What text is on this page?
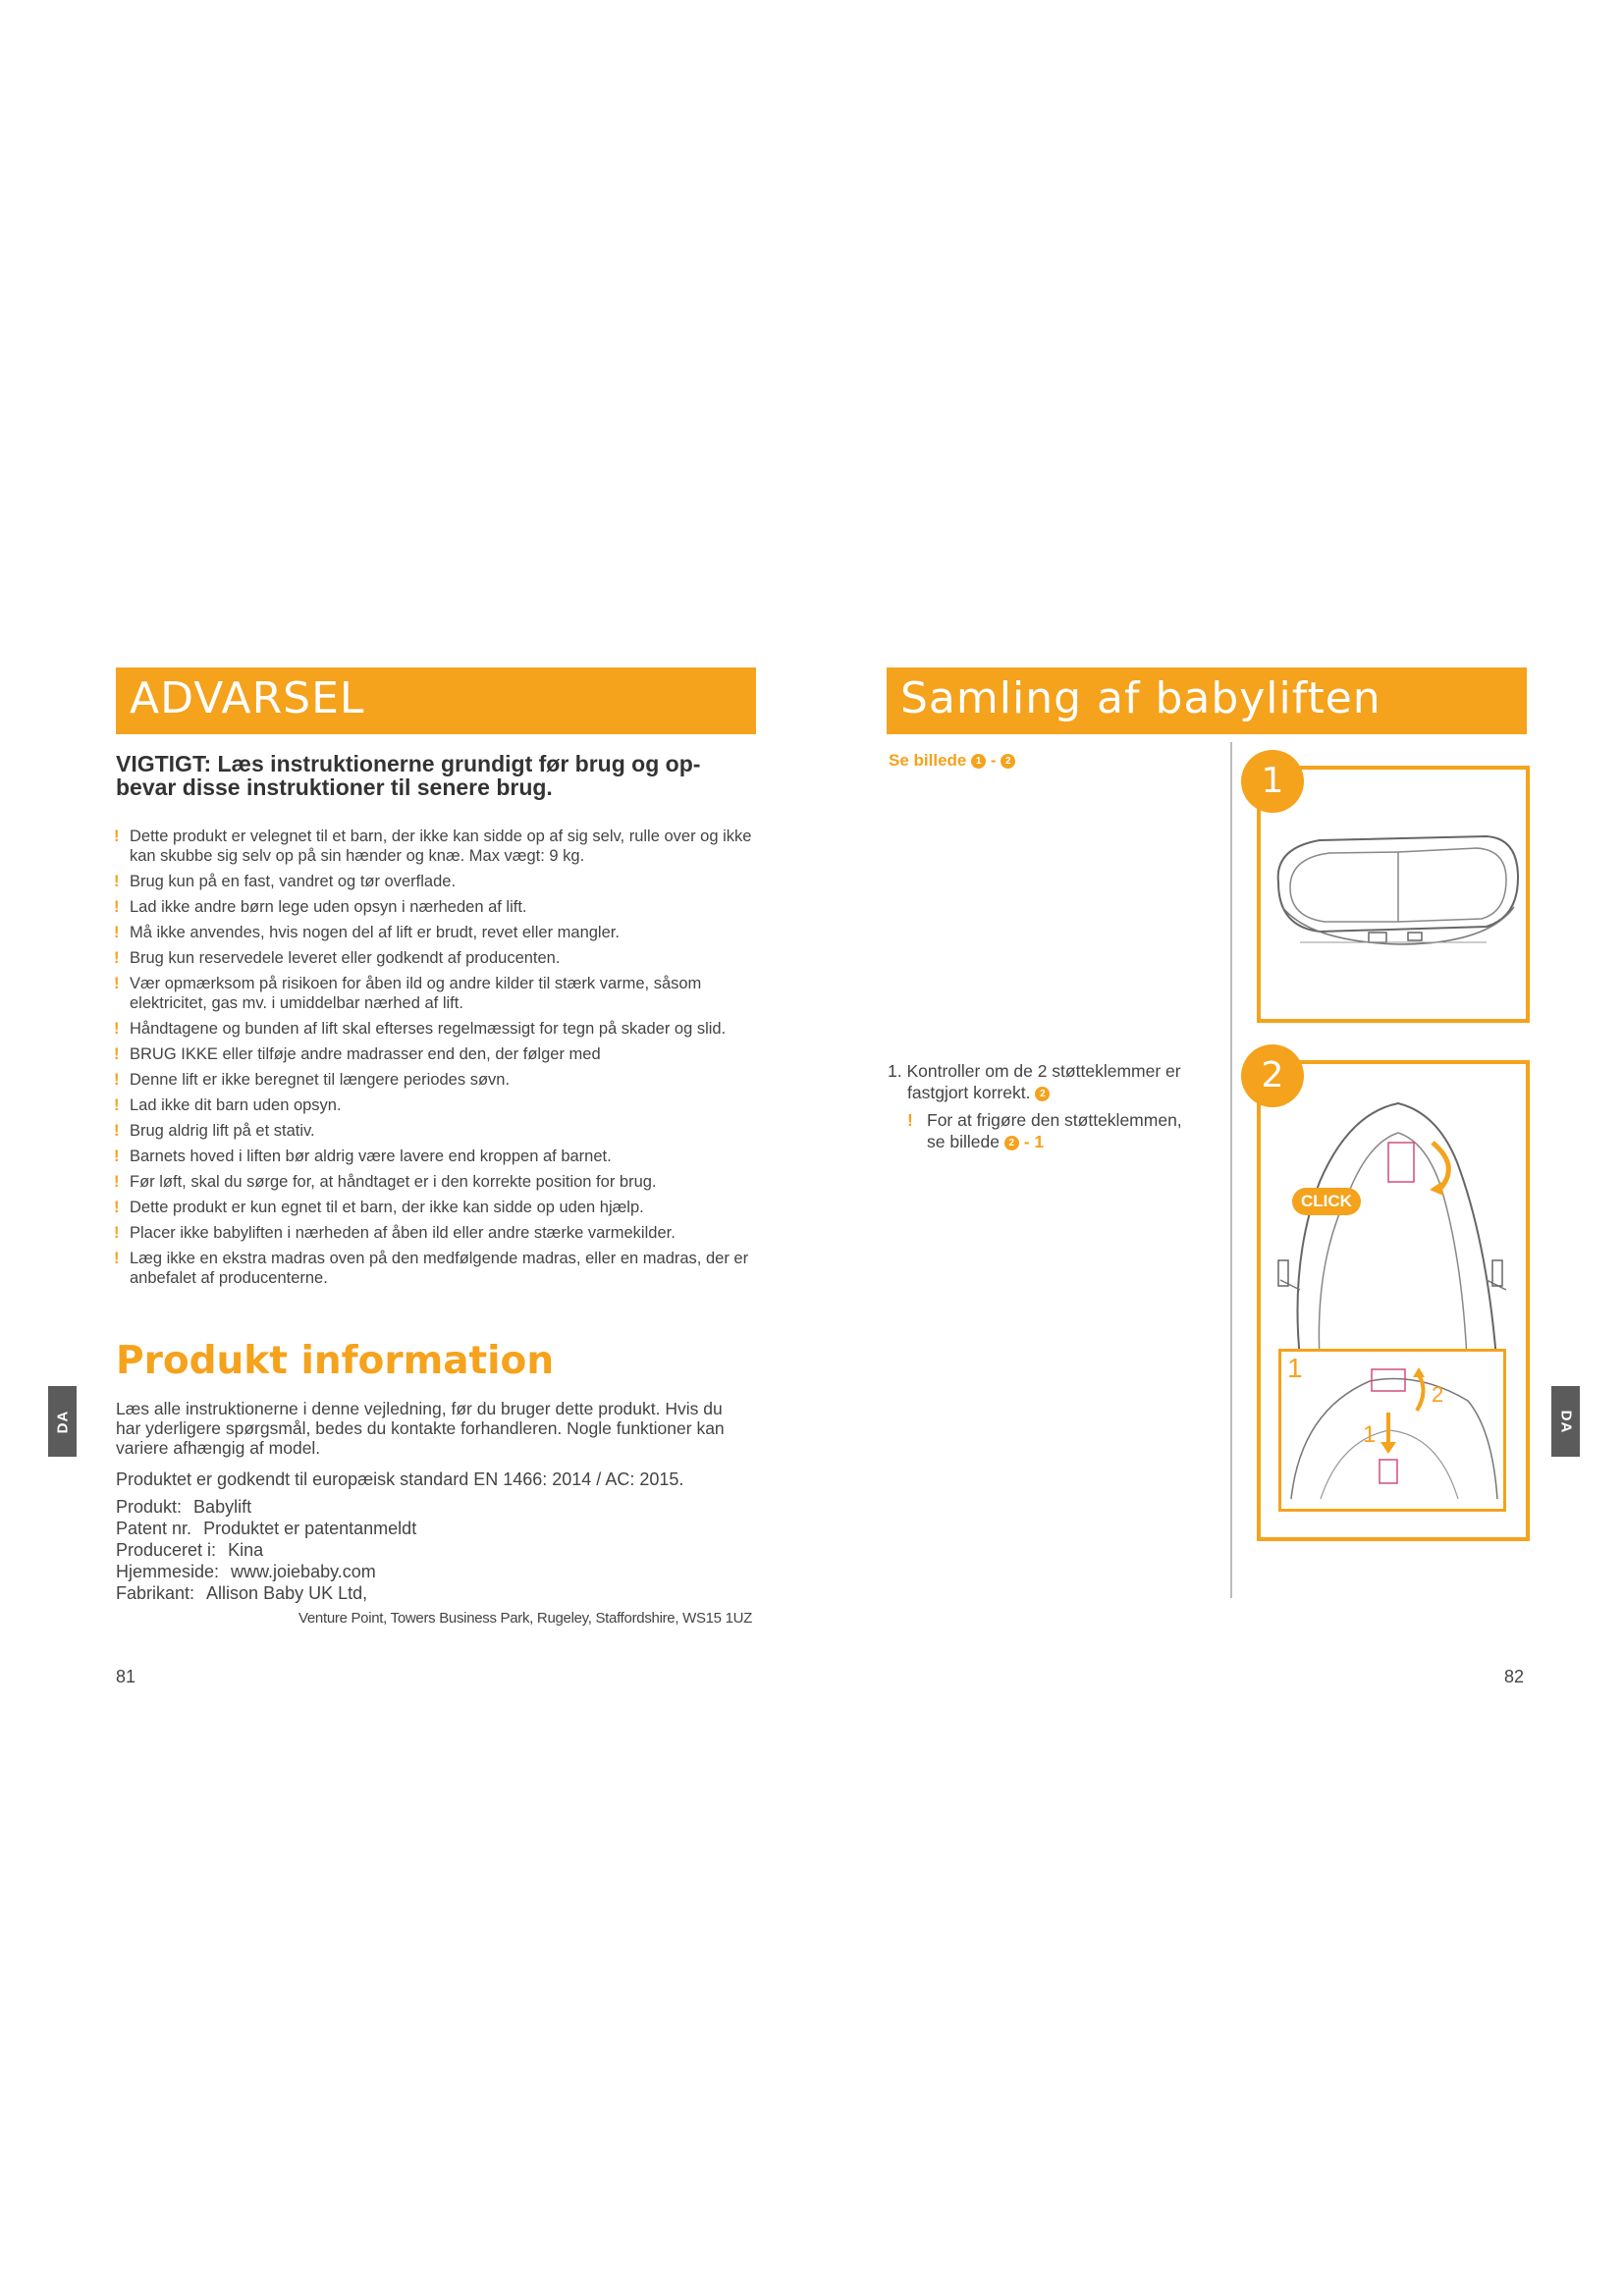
ADVARSEL
VIGTIGT: Læs instruktionerne grundigt før brug og op-
bevar disse instruktioner til senere brug.
! Dette produkt er velegnet til et barn, der ikke kan sidde op af sig selv, rulle over og ikke kan skubbe sig selv op på sin hænder og knæ. Max vægt: 9 kg.
! Brug kun på en fast, vandret og tør overflade.
! Lad ikke andre børn lege uden opsyn i nærheden af lift.
! Må ikke anvendes, hvis nogen del af lift er brudt, revet eller mangler.
! Brug kun reservedele leveret eller godkendt af producenten.
! Vær opmærksom på risikoen for åben ild og andre kilder til stærk varme, såsom elektricitet, gas mv. i umiddelbar nærhed af lift.
! Håndtagene og bunden af lift skal efterses regelmæssigt for tegn på skader og slid.
! BRUG IKKE eller tilføje andre madrasser end den, der følger med
! Denne lift er ikke beregnet til længere periodes søvn.
! Lad ikke dit barn uden opsyn.
! Brug aldrig lift på et stativ.
! Barnets hoved i liften bør aldrig være lavere end kroppen af barnet.
! Før løft, skal du sørge for, at håndtaget er i den korrekte position for brug.
! Dette produkt er kun egnet til et barn, der ikke kan sidde op uden hjælp.
! Placer ikke babyliften i nærheden af åben ild eller andre stærke varmekilder.
! Læg ikke en ekstra madras oven på den medfølgende madras, eller en madras, der er anbefalet af producenterne.
Produkt information
Læs alle instruktionerne i denne vejledning, før du bruger dette produkt. Hvis du har yderligere spørgsmål, bedes du kontakte forhandleren. Nogle funktioner kan variere afhængig af model.
Produktet er godkendt til europæisk standard EN 1466: 2014 / AC: 2015.
Produkt: Babylift
Patent nr. Produktet er patentanmeldt
Produceret i: Kina
Hjemmeside: www.joiebaby.com
Fabrikant: Allison Baby UK Ltd,
Venture Point, Towers Business Park, Rugeley, Staffordshire, WS15 1UZ
81
DA
Samling af babyliften
Se billede 1 - 2
1. Kontroller om de 2 støtteklemmer er
fastgjort korrekt. 2
! For at frigøre den støtteklemmen,
se billede 2 - 1
1
2
CLICK
1
2
1
82
DA
